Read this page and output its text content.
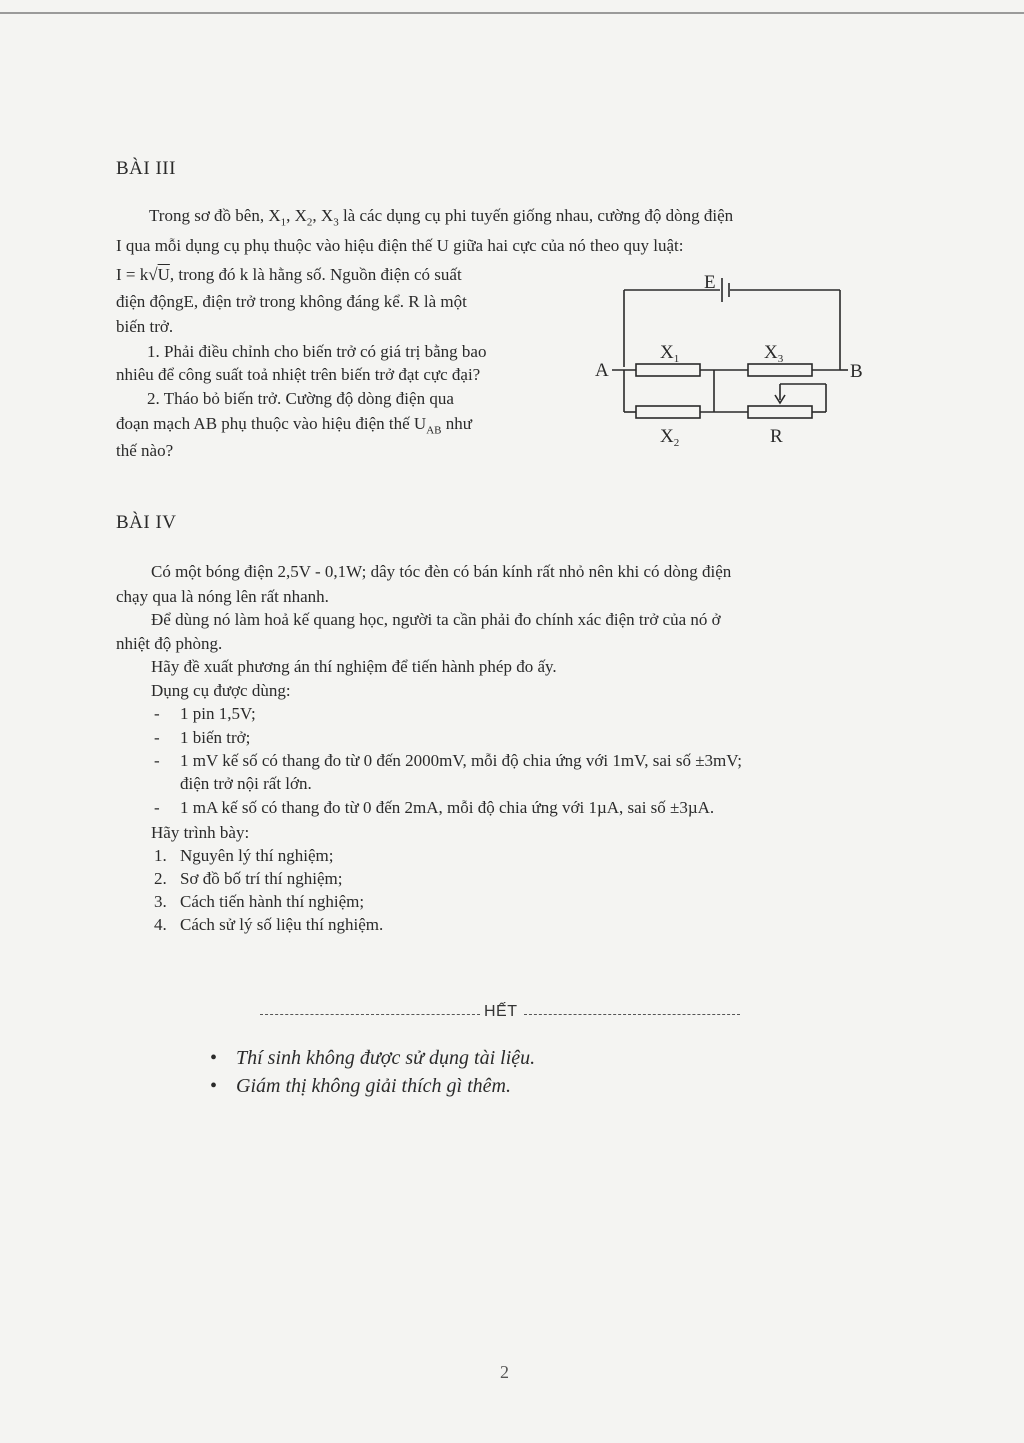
BÀI III
Trong sơ đồ bên, $X_1$, $X_2$, $X_3$ là các dụng cụ phi tuyến giống nhau, cường độ dòng điện
I qua mỗi dụng cụ phụ thuộc vào hiệu điện thế U giữa hai cực của nó theo quy luật:
I = k√U, trong đó k là hằng số. Nguồn điện có suất
điện độngE, điện trở trong không đáng kể. R là một
biến trở.
1. Phải điều chỉnh cho biến trở có giá trị bằng bao
nhiêu để công suất toả nhiệt trên biến trở đạt cực đại?
2. Tháo bỏ biến trở. Cường độ dòng điện qua
đoạn mạch AB phụ thuộc vào hiệu điện thế $U_{AB}$ như
thế nào?
E
A	B
$X_1$	$X_3$
$X_2$	R
BÀI IV
Có một bóng điện 2,5V - 0,1W; dây tóc đèn có bán kính rất nhỏ nên khi có dòng điện
chạy qua là nóng lên rất nhanh.
Để dùng nó làm hoả kế quang học, người ta cần phải đo chính xác điện trở của nó ở
nhiệt độ phòng.
Hãy đề xuất phương án thí nghiệm để tiến hành phép đo ấy.
Dụng cụ được dùng:
- 1 pin 1,5V;
- 1 biến trở;
- 1 mV kế số có thang đo từ 0 đến 2000mV, mỗi độ chia ứng với 1mV, sai số ±3mV;
điện trở nội rất lớn.
- 1 mA kế số có thang đo từ 0 đến 2mA, mỗi độ chia ứng với 1µA, sai số ±3µA.
Hãy trình bày:
1. Nguyên lý thí nghiệm;
2. Sơ đồ bố trí thí nghiệm;
3. Cách tiến hành thí nghiệm;
4. Cách sử lý số liệu thí nghiệm.
HẾT
• Thí sinh không được sử dụng tài liệu.
• Giám thị không giải thích gì thêm.
2
